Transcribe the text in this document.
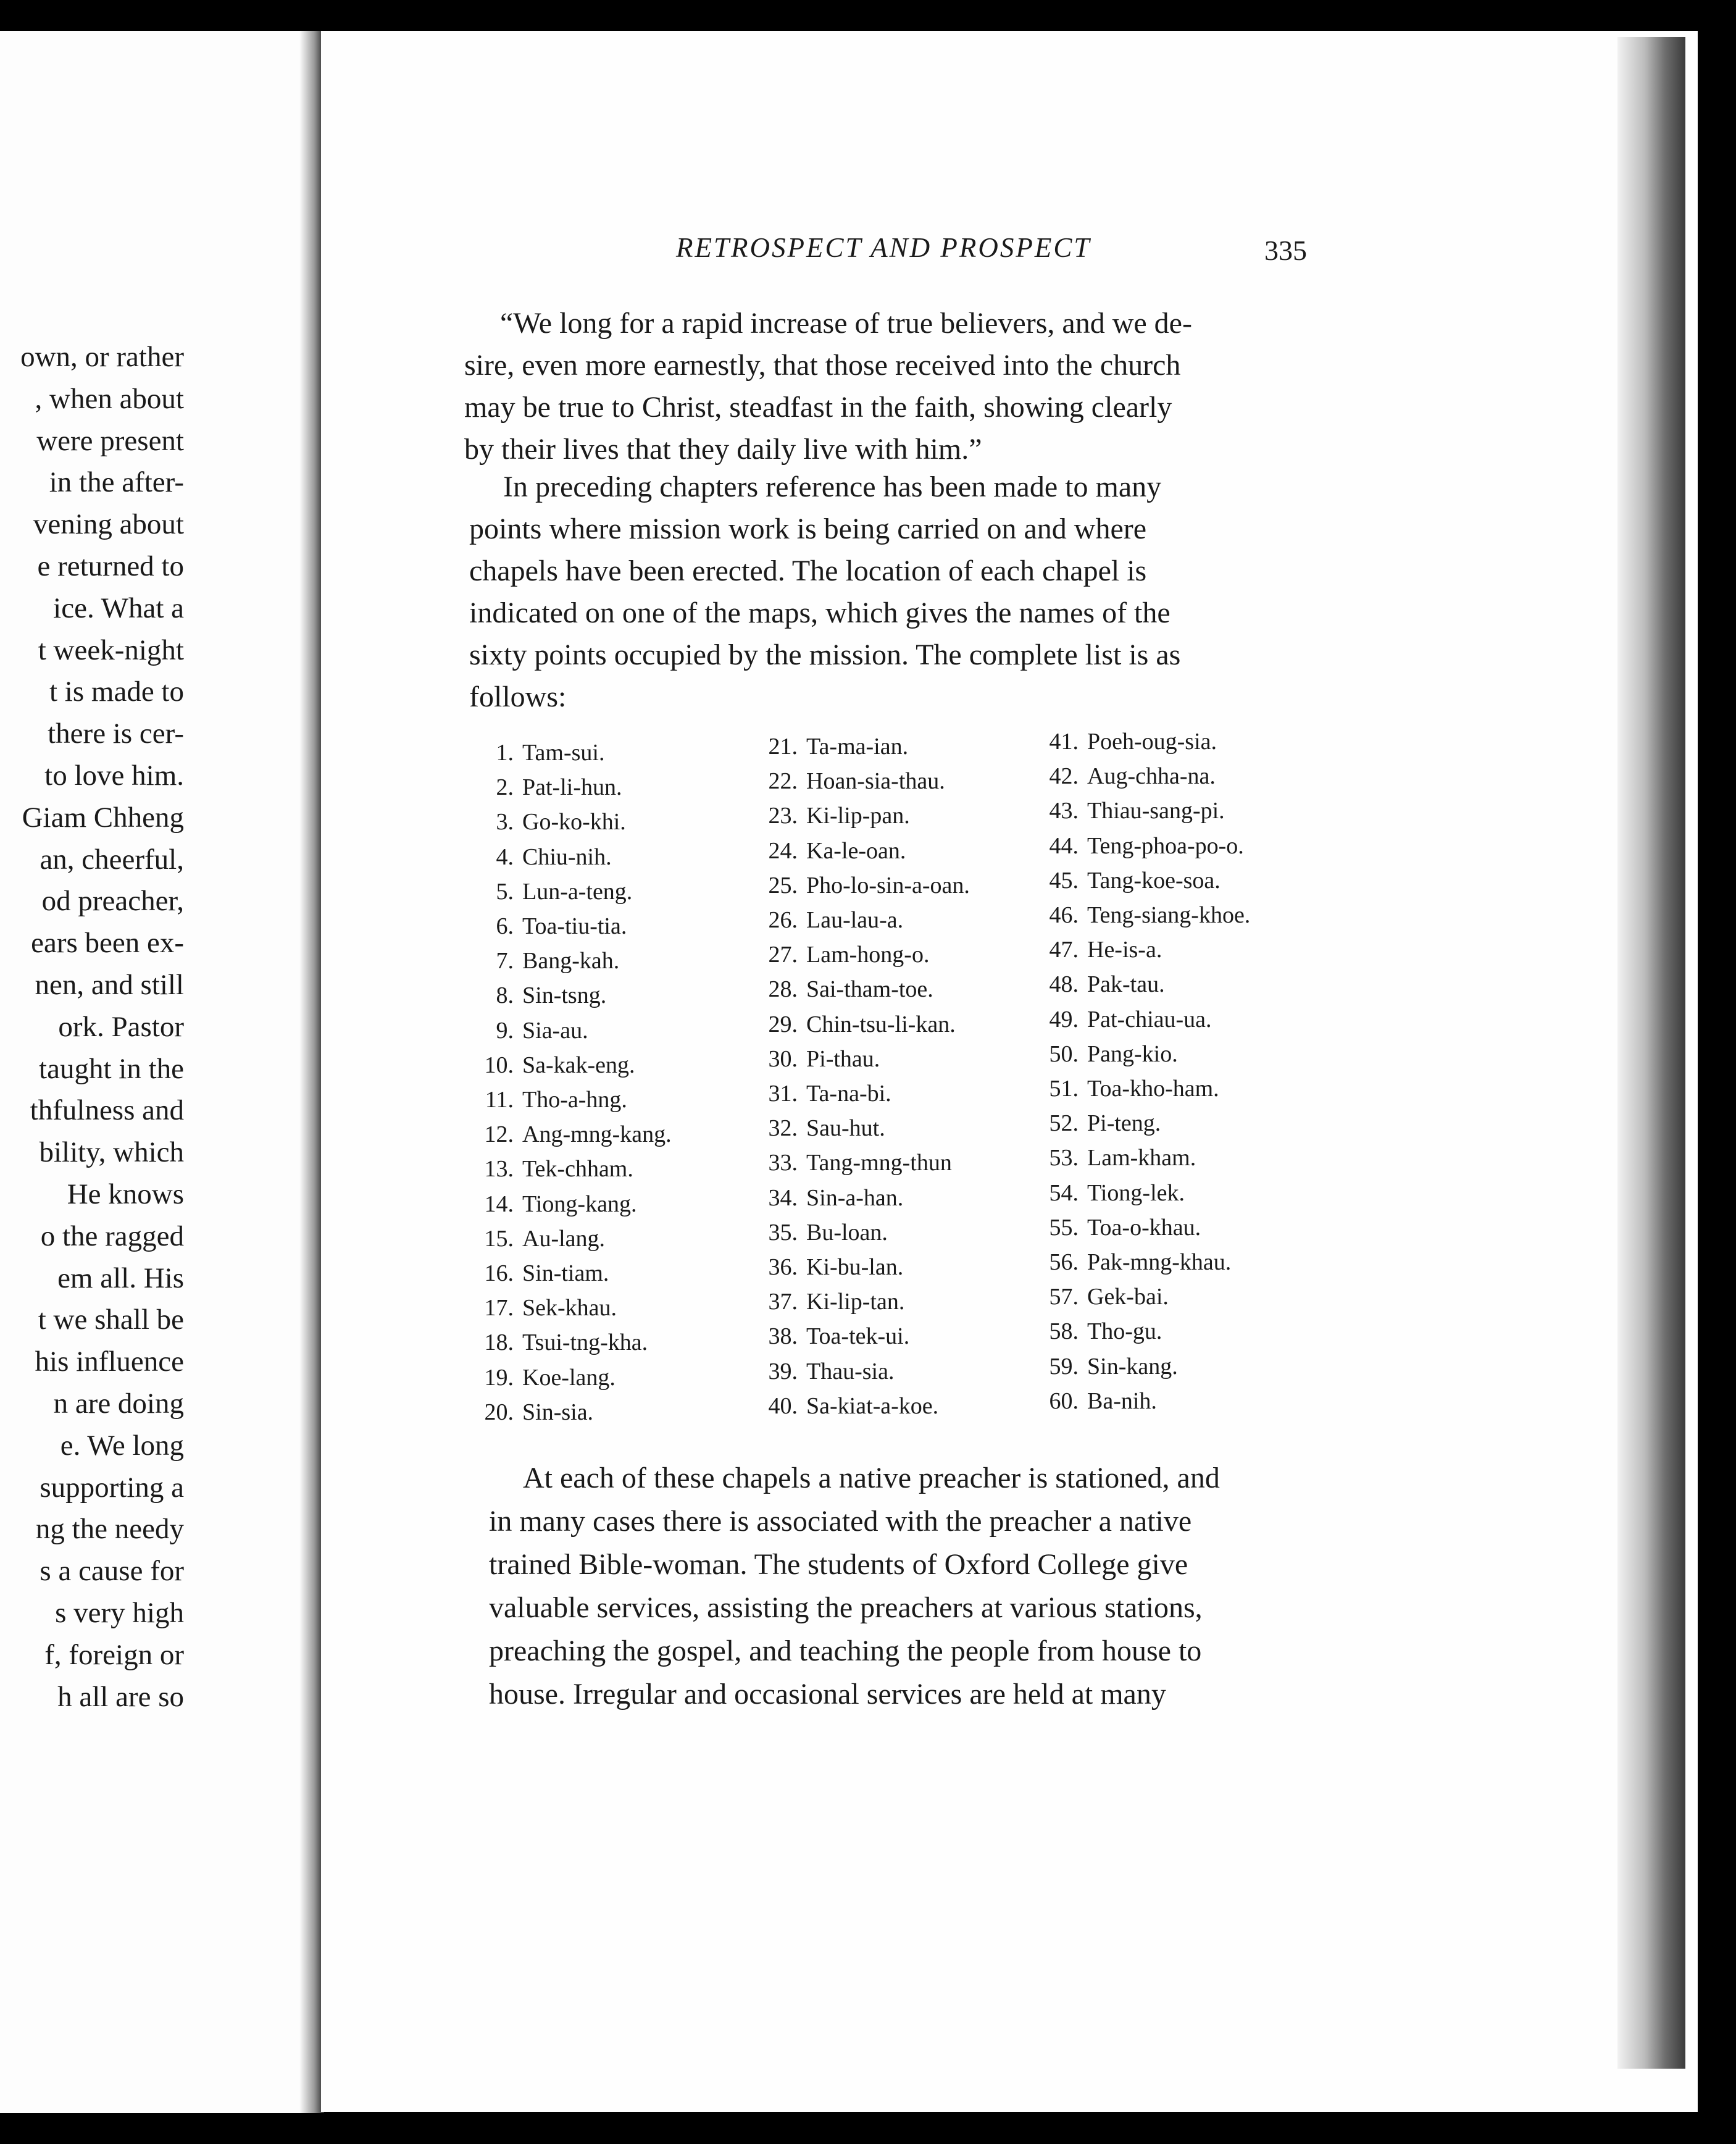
own, or rather
, when about
were present
in the after-
vening about
e returned to
ice. What a
t week-night
t is made to
there is cer-
to love him.
Giam Chheng
an, cheerful,
od preacher,
ears been ex-
nen, and still
ork. Pastor
taught in the
thfulness and
bility, which
He knows
o the ragged
em all. His
t we shall be
his influence
n are doing
e. We long
supporting a
ng the needy
s a cause for
s very high
f, foreign or
h all are so
RETROSPECT AND PROSPECT	335
“We long for a rapid increase of true believers, and we de-
sire, even more earnestly, that those received into the church
may be true to Christ, steadfast in the faith, showing clearly
by their lives that they daily live with him.”
In preceding chapters reference has been made to many
points where mission work is being carried on and where
chapels have been erected. The location of each chapel is
indicated on one of the maps, which gives the names of the
sixty points occupied by the mission. The complete list is as
follows:
1. Tam-sui.
2. Pat-li-hun.
3. Go-ko-khi.
4. Chiu-nih.
5. Lun-a-teng.
6. Toa-tiu-tia.
7. Bang-kah.
8. Sin-tsng.
9. Sia-au.
10. Sa-kak-eng.
11. Tho-a-hng.
12. Ang-mng-kang.
13. Tek-chham.
14. Tiong-kang.
15. Au-lang.
16. Sin-tiam.
17. Sek-khau.
18. Tsui-tng-kha.
19. Koe-lang.
20. Sin-sia.
21. Ta-ma-ian.
22. Hoan-sia-thau.
23. Ki-lip-pan.
24. Ka-le-oan.
25. Pho-lo-sin-a-oan.
26. Lau-lau-a.
27. Lam-hong-o.
28. Sai-tham-toe.
29. Chin-tsu-li-kan.
30. Pi-thau.
31. Ta-na-bi.
32. Sau-hut.
33. Tang-mng-thun
34. Sin-a-han.
35. Bu-loan.
36. Ki-bu-lan.
37. Ki-lip-tan.
38. Toa-tek-ui.
39. Thau-sia.
40. Sa-kiat-a-koe.
41. Poeh-oug-sia.
42. Aug-chha-na.
43. Thiau-sang-pi.
44. Teng-phoa-po-o.
45. Tang-koe-soa.
46. Teng-siang-khoe.
47. He-is-a.
48. Pak-tau.
49. Pat-chiau-ua.
50. Pang-kio.
51. Toa-kho-ham.
52. Pi-teng.
53. Lam-kham.
54. Tiong-lek.
55. Toa-o-khau.
56. Pak-mng-khau.
57. Gek-bai.
58. Tho-gu.
59. Sin-kang.
60. Ba-nih.
At each of these chapels a native preacher is stationed, and
in many cases there is associated with the preacher a native
trained Bible-woman. The students of Oxford College give
valuable services, assisting the preachers at various stations,
preaching the gospel, and teaching the people from house to
house. Irregular and occasional services are held at many
